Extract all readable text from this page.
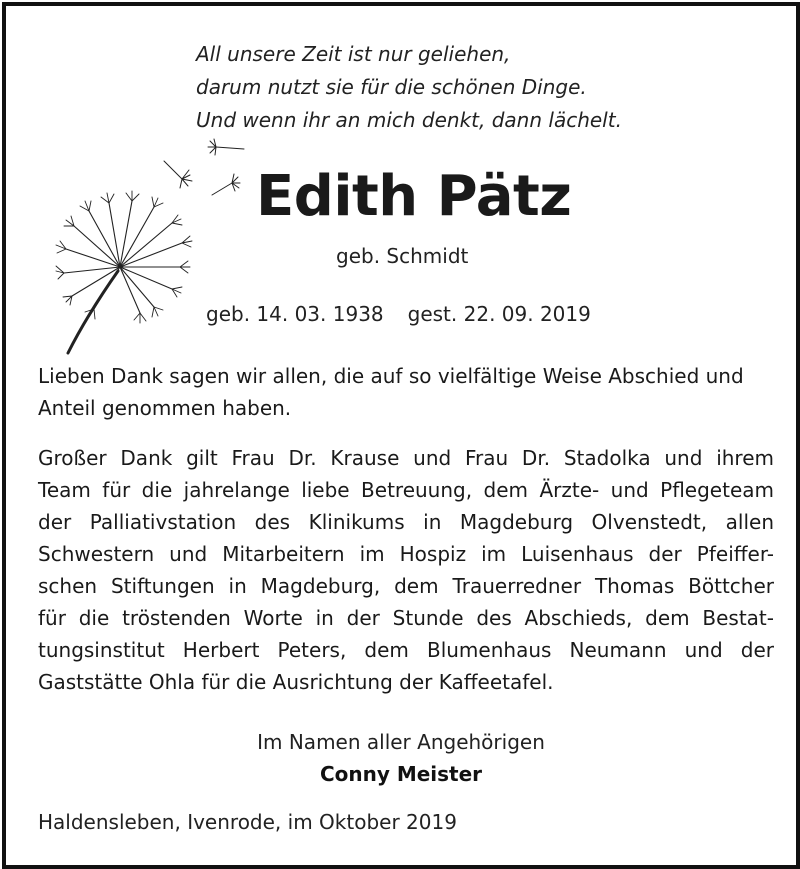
All unsere Zeit ist nur geliehen,
darum nutzt sie für die schönen Dinge.
Und wenn ihr an mich denkt, dann lächelt.
Edith Pätz
geb. Schmidt
geb. 14. 03. 1938 gest. 22. 09. 2019
Lieben Dank sagen wir allen, die auf so vielfältige Weise Abschied und
Anteil genommen haben.
Großer Dank gilt Frau Dr. Krause und Frau Dr. Stadolka und ihrem
Team für die jahrelange liebe Betreuung, dem Ärzte- und Pflegeteam
der Palliativstation des Klinikums in Magdeburg Olvenstedt, allen
Schwestern und Mitarbeitern im Hospiz im Luisenhaus der Pfeiffer-
schen Stiftungen in Magdeburg, dem Trauerredner Thomas Böttcher
für die tröstenden Worte in der Stunde des Abschieds, dem Bestat-
tungsinstitut Herbert Peters, dem Blumenhaus Neumann und der
Gaststätte Ohla für die Ausrichtung der Kaffeetafel.
Im Namen aller Angehörigen
Conny Meister
Haldensleben, Ivenrode, im Oktober 2019
